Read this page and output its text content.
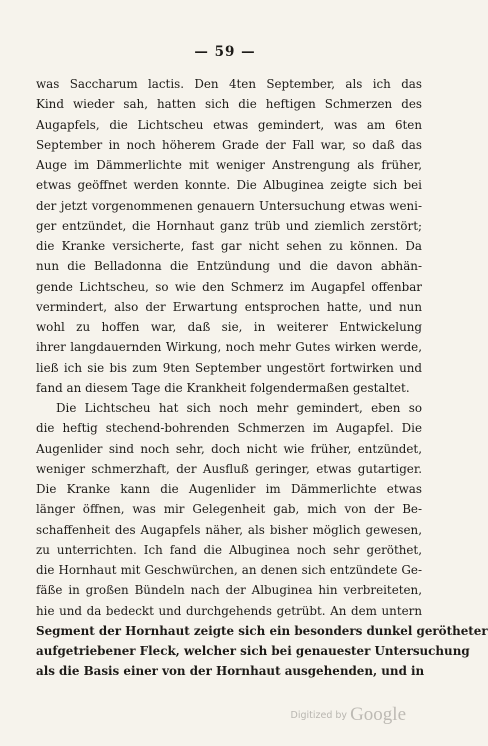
— 59 —
was Saccharum lactis. Den 4ten September, als ich das
Kind wieder sah, hatten sich die heftigen Schmerzen des
Augapfels, die Lichtscheu etwas gemindert, was am 6ten
September in noch höherem Grade der Fall war, so daß das
Auge im Dämmerlichte mit weniger Anstrengung als früher,
etwas geöffnet werden konnte. Die Albuginea zeigte sich bei
der jetzt vorgenommenen genauern Untersuchung etwas weni-
ger entzündet, die Hornhaut ganz trüb und ziemlich zerstört;
die Kranke versicherte, fast gar nicht sehen zu können. Da
nun die Belladonna die Entzündung und die davon abhän-
gende Lichtscheu, so wie den Schmerz im Augapfel offenbar
vermindert, also der Erwartung entsprochen hatte, und nun
wohl zu hoffen war, daß sie, in weiterer Entwickelung
ihrer langdauernden Wirkung, noch mehr Gutes wirken werde,
ließ ich sie bis zum 9ten September ungestört fortwirken und
fand an diesem Tage die Krankheit folgendermaßen gestaltet.
Die Lichtscheu hat sich noch mehr gemindert, eben so
die heftig stechend-bohrenden Schmerzen im Augapfel. Die
Augenlider sind noch sehr, doch nicht wie früher, entzündet,
weniger schmerzhaft, der Ausfluß geringer, etwas gutartiger.
Die Kranke kann die Augenlider im Dämmerlichte etwas
länger öffnen, was mir Gelegenheit gab, mich von der Be-
schaffenheit des Augapfels näher, als bisher möglich gewesen,
zu unterrichten. Ich fand die Albuginea noch sehr geröthet,
die Hornhaut mit Geschwürchen, an denen sich entzündete Ge-
fäße in großen Bündeln nach der Albuginea hin verbreiteten,
hie und da bedeckt und durchgehends getrübt. An dem untern
Segment der Hornhaut zeigte sich ein besonders dunkel gerötheter
aufgetriebener Fleck, welcher sich bei genauester Untersuchung
als die Basis einer von der Hornhaut ausgehenden, und in
Digitized by Google
